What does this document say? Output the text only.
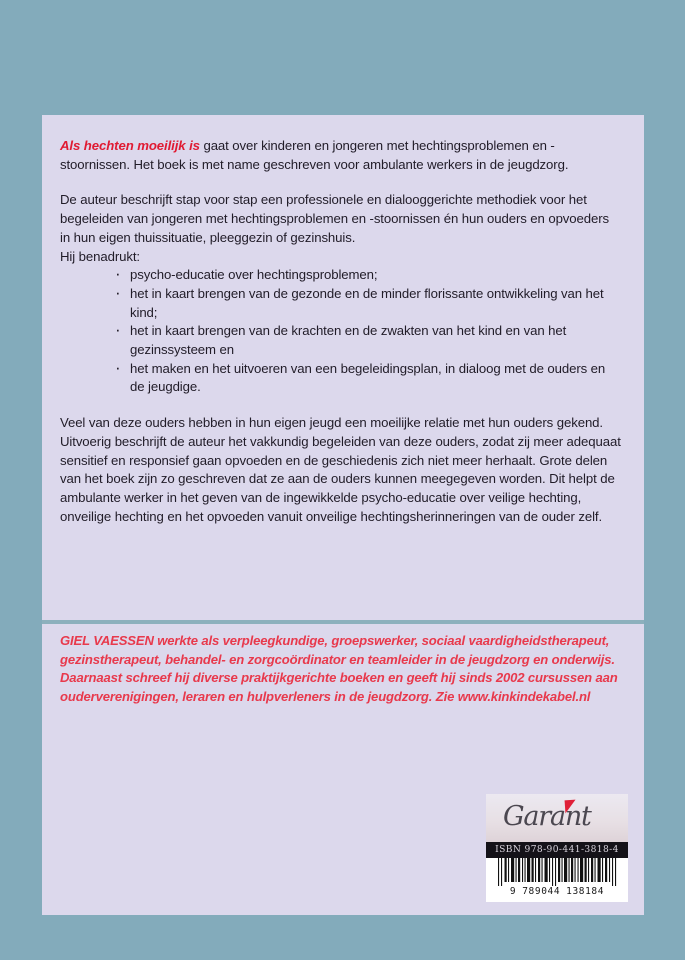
Als hechten moeilijk is gaat over kinderen en jongeren met hechtingsproblemen en -stoornissen. Het boek is met name geschreven voor ambulante werkers in de jeugdzorg.

De auteur beschrijft stap voor stap een professionele en dialooggerichte methodiek voor het begeleiden van jongeren met hechtingsproblemen en -stoornissen én hun ouders en opvoeders in hun eigen thuissituatie, pleeggezin of gezinshuis.

Hij benadrukt:

· psycho-educatie over hechtingsproblemen;
· het in kaart brengen van de gezonde en de minder florissante ontwikkeling van het kind;
· het in kaart brengen van de krachten en de zwakten van het kind en van het gezinssysteem en
· het maken en het uitvoeren van een begeleidingsplan, in dialoog met de ouders en de jeugdige.

Veel van deze ouders hebben in hun eigen jeugd een moeilijke relatie met hun ouders gekend. Uitvoerig beschrijft de auteur het vakkundig begeleiden van deze ouders, zodat zij meer adequaat sensitief en responsief gaan opvoeden en de geschiedenis zich niet meer herhaalt. Grote delen van het boek zijn zo geschreven dat ze aan de ouders kunnen meegegeven worden. Dit helpt de ambulante werker in het geven van de ingewikkelde psycho-educatie over veilige hechting, onveilige hechting en het opvoeden vanuit onveilige hechtingsherinneringen van de ouder zelf.

GIEL VAESSEN werkte als verpleegkundige, groepswerker, sociaal vaardigheidstherapeut, gezinstherapeut, behandel- en zorgcoördinator en teamleider in de jeugdzorg en onderwijs. Daarnaast schreef hij diverse praktijkgerichte boeken en geeft hij sinds 2002 cursussen aan ouderverenigingen, leraren en hulpverleners in de jeugdzorg. Zie www.kinkindekabel.nl

Garant
ISBN 978-90-441-3818-4
9 789044 138184
